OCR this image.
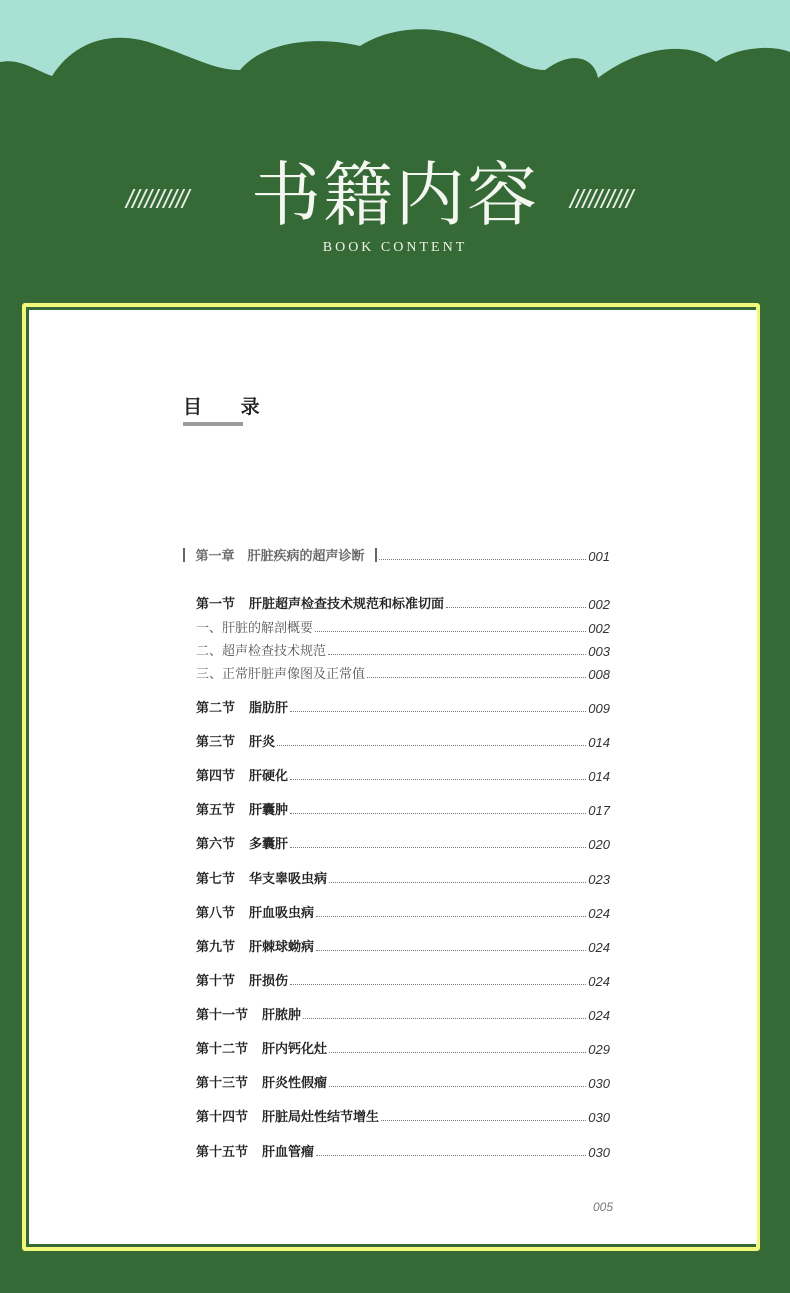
//////////	//////////
书籍内容
BOOK CONTENT
目 录
第一章　肝脏疾病的超声诊断	001
第一节 肝脏超声检查技术规范和标准切面	002
一、肝脏的解剖概要	002
二、超声检查技术规范	003
三、正常肝脏声像图及正常值	008
第二节 脂肪肝	009
第三节 肝炎	014
第四节 肝硬化	014
第五节 肝囊肿	017
第六节 多囊肝	020
第七节 华支睾吸虫病	023
第八节 肝血吸虫病	024
第九节 肝棘球蚴病	024
第十节 肝损伤	024
第十一节 肝脓肿	024
第十二节 肝内钙化灶	029
第十三节 肝炎性假瘤	030
第十四节 肝脏局灶性结节增生	030
第十五节 肝血管瘤	030
005
